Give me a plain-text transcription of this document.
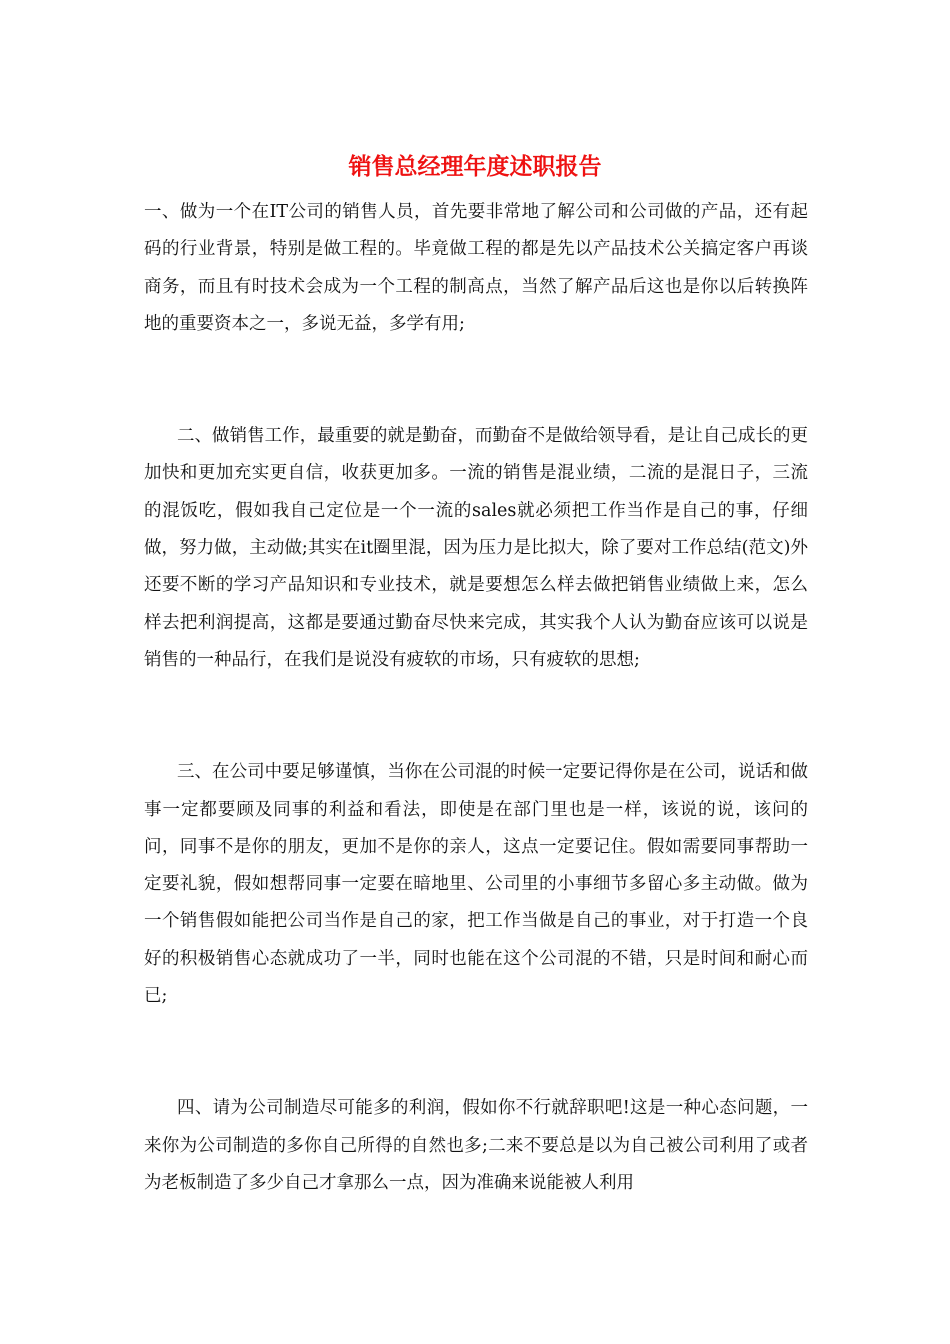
销售总经理年度述职报告

一、做为一个在IT公司的销售人员，首先要非常地了解公司和公司做的产品，还有起码的行业背景，特别是做工程的。毕竟做工程的都是先以产品技术公关搞定客户再谈商务，而且有时技术会成为一个工程的制高点，当然了解产品后这也是你以后转换阵地的重要资本之一，多说无益，多学有用;

二、做销售工作，最重要的就是勤奋，而勤奋不是做给领导看，是让自己成长的更加快和更加充实更自信，收获更加多。一流的销售是混业绩，二流的是混日子，三流的混饭吃，假如我自己定位是一个一流的sales就必须把工作当作是自己的事，仔细做，努力做，主动做;其实在it圈里混，因为压力是比拟大，除了要对工作总结(范文)外还要不断的学习产品知识和专业技术，就是要想怎么样去做把销售业绩做上来，怎么样去把利润提高，这都是要通过勤奋尽快来完成，其实我个人认为勤奋应该可以说是销售的一种品行，在我们是说没有疲软的市场，只有疲软的思想;

三、在公司中要足够谨慎，当你在公司混的时候一定要记得你是在公司，说话和做事一定都要顾及同事的利益和看法，即使是在部门里也是一样，该说的说，该问的问，同事不是你的朋友，更加不是你的亲人，这点一定要记住。假如需要同事帮助一定要礼貌，假如想帮同事一定要在暗地里、公司里的小事细节多留心多主动做。做为一个销售假如能把公司当作是自己的家，把工作当做是自己的事业，对于打造一个良好的积极销售心态就成功了一半，同时也能在这个公司混的不错，只是时间和耐心而已;

四、请为公司制造尽可能多的利润，假如你不行就辞职吧!这是一种心态问题，一来你为公司制造的多你自己所得的自然也多;二来不要总是以为自己被公司利用了或者为老板制造了多少自己才拿那么一点，因为准确来说能被人利用
